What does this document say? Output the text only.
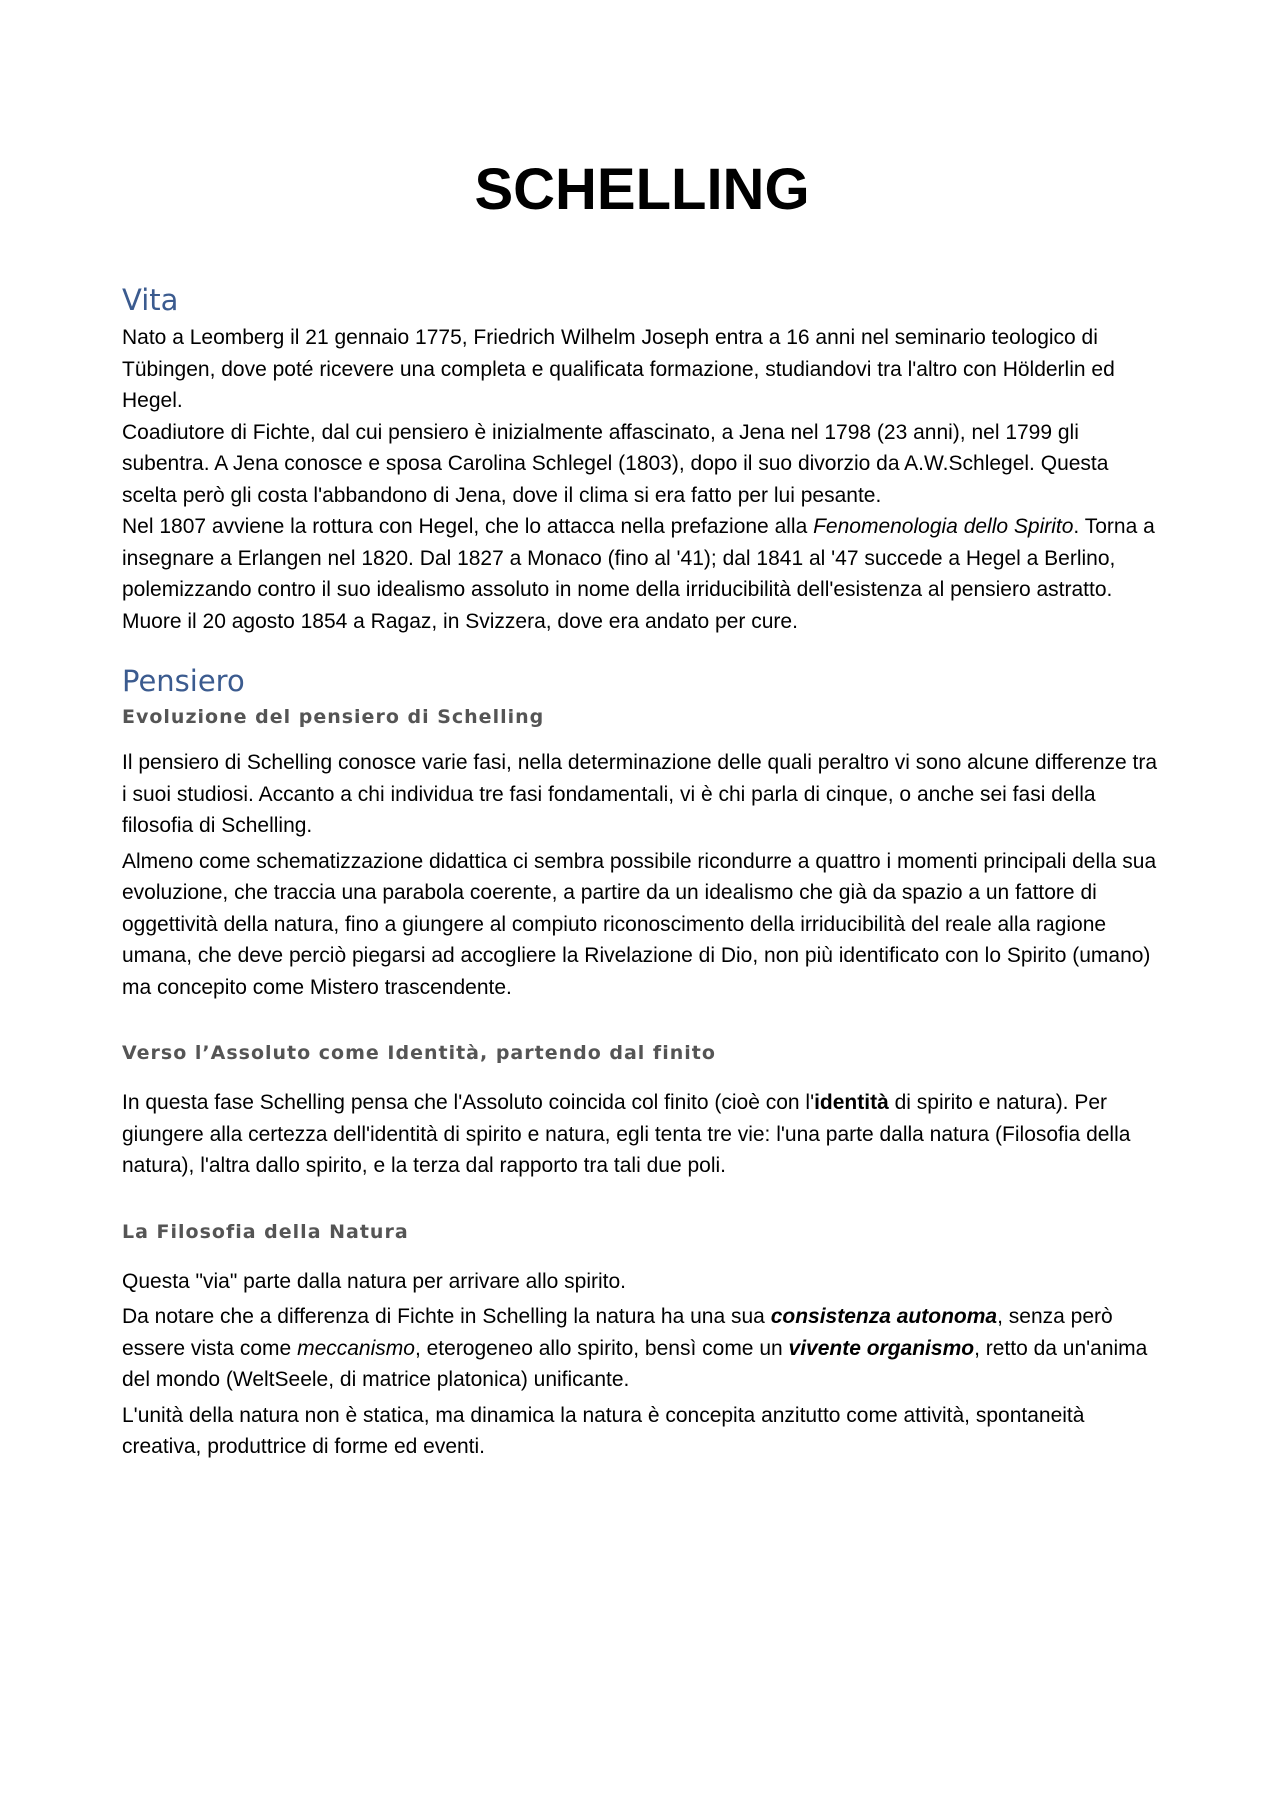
SCHELLING
Vita

Nato a Leomberg il 21 gennaio 1775, Friedrich Wilhelm Joseph entra a 16 anni nel seminario teologico di Tübingen, dove poté ricevere una completa e qualificata formazione, studiandovi tra l'altro con Hölderlin ed Hegel.

Coadiutore di Fichte, dal cui pensiero è inizialmente affascinato, a Jena nel 1798 (23 anni), nel 1799 gli subentra. A Jena conosce e sposa Carolina Schlegel (1803), dopo il suo divorzio da A.W.Schlegel. Questa scelta però gli costa l'abbandono di Jena, dove il clima si era fatto per lui pesante.

Nel 1807 avviene la rottura con Hegel, che lo attacca nella prefazione alla Fenomenologia dello Spirito. Torna a insegnare a Erlangen nel 1820. Dal 1827 a Monaco (fino al '41); dal 1841 al '47 succede a Hegel a Berlino, polemizzando contro il suo idealismo assoluto in nome della irriducibilità dell'esistenza al pensiero astratto.

Muore il 20 agosto 1854 a Ragaz, in Svizzera, dove era andato per cure.

Pensiero
Evoluzione del pensiero di Schelling

Il pensiero di Schelling conosce varie fasi, nella determinazione delle quali peraltro vi sono alcune differenze tra i suoi studiosi. Accanto a chi individua tre fasi fondamentali, vi è chi parla di cinque, o anche sei fasi della filosofia di Schelling.

Almeno come schematizzazione didattica ci sembra possibile ricondurre a quattro i momenti principali della sua evoluzione, che traccia una parabola coerente, a partire da un idealismo che già da spazio a un fattore di oggettività della natura, fino a giungere al compiuto riconoscimento della irriducibilità del reale alla ragione umana, che deve perciò piegarsi ad accogliere la Rivelazione di Dio, non più identificato con lo Spirito (umano) ma concepito come Mistero trascendente.

Verso l’Assoluto come Identità, partendo dal finito

In questa fase Schelling pensa che l'Assoluto coincida col finito (cioè con l'identità di spirito e natura). Per giungere alla certezza dell'identità di spirito e natura, egli tenta tre vie: l'una parte dalla natura (Filosofia della natura), l'altra dallo spirito, e la terza dal rapporto tra tali due poli.

La Filosofia della Natura

Questa "via" parte dalla natura per arrivare allo spirito.

Da notare che a differenza di Fichte in Schelling la natura ha una sua consistenza autonoma, senza però essere vista come meccanismo, eterogeneo allo spirito, bensì come un vivente organismo, retto da un'anima del mondo (WeltSeele, di matrice platonica) unificante.

L'unità della natura non è statica, ma dinamica la natura è concepita anzitutto come attività, spontaneità creativa, produttrice di forme ed eventi.
